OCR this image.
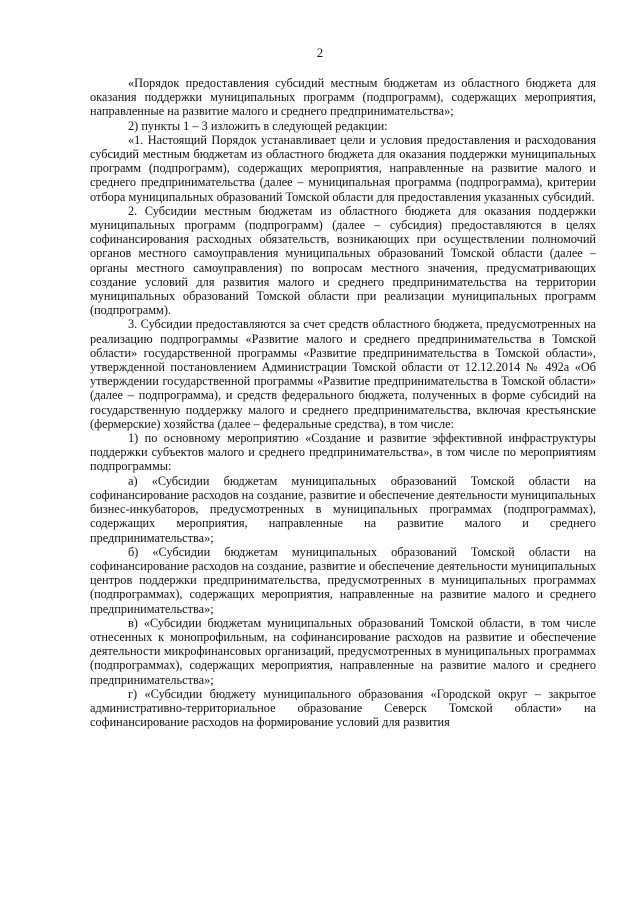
2

«Порядок предоставления субсидий местным бюджетам из областного бюджета для оказания поддержки муниципальных программ (подпрограмм), содержащих мероприятия, направленные на развитие малого и среднего предпринимательства»;

2) пункты 1 – 3 изложить в следующей редакции:

«1. Настоящий Порядок устанавливает цели и условия предоставления и расходования субсидий местным бюджетам из областного бюджета для оказания поддержки муниципальных программ (подпрограмм), содержащих мероприятия, направленные на развитие малого и среднего предпринимательства (далее – муниципальная программа (подпрограмма), критерии отбора муниципальных образований Томской области для предоставления указанных субсидий.

2. Субсидии местным бюджетам из областного бюджета для оказания поддержки муниципальных программ (подпрограмм) (далее – субсидия) предоставляются в целях софинансирования расходных обязательств, возникающих при осуществлении полномочий органов местного самоуправления муниципальных образований Томской области (далее – органы местного самоуправления) по вопросам местного значения, предусматривающих создание условий для развития малого и среднего предпринимательства на территории муниципальных образований Томской области при реализации муниципальных программ (подпрограмм).

3. Субсидии предоставляются за счет средств областного бюджета, предусмотренных на реализацию подпрограммы «Развитие малого и среднего предпринимательства в Томской области» государственной программы «Развитие предпринимательства в Томской области», утвержденной постановлением Администрации Томской области от 12.12.2014 № 492а «Об утверждении государственной программы «Развитие предпринимательства в Томской области» (далее – подпрограмма), и средств федерального бюджета, полученных в форме субсидий на государственную поддержку малого и среднего предпринимательства, включая крестьянские (фермерские) хозяйства (далее – федеральные средства), в том числе:

1) по основному мероприятию «Создание и развитие эффективной инфраструктуры поддержки субъектов малого и среднего предпринимательства», в том числе по мероприятиям подпрограммы:

а) «Субсидии бюджетам муниципальных образований Томской области на софинансирование расходов на создание, развитие и обеспечение деятельности муниципальных бизнес-инкубаторов, предусмотренных в муниципальных программах (подпрограммах), содержащих мероприятия, направленные на развитие малого и среднего предпринимательства»;

б) «Субсидии бюджетам муниципальных образований Томской области на софинансирование расходов на создание, развитие и обеспечение деятельности муниципальных центров поддержки предпринимательства, предусмотренных в муниципальных программах (подпрограммах), содержащих мероприятия, направленные на развитие малого и среднего предпринимательства»;

в) «Субсидии бюджетам муниципальных образований Томской области, в том числе отнесенных к монопрофильным, на софинансирование расходов на развитие и обеспечение деятельности микрофинансовых организаций, предусмотренных в муниципальных программах (подпрограммах), содержащих мероприятия, направленные на развитие малого и среднего предпринимательства»;

г) «Субсидии бюджету муниципального образования «Городской округ – закрытое административно-территориальное образование Северск Томской области» на софинансирование расходов на формирование условий для развития
